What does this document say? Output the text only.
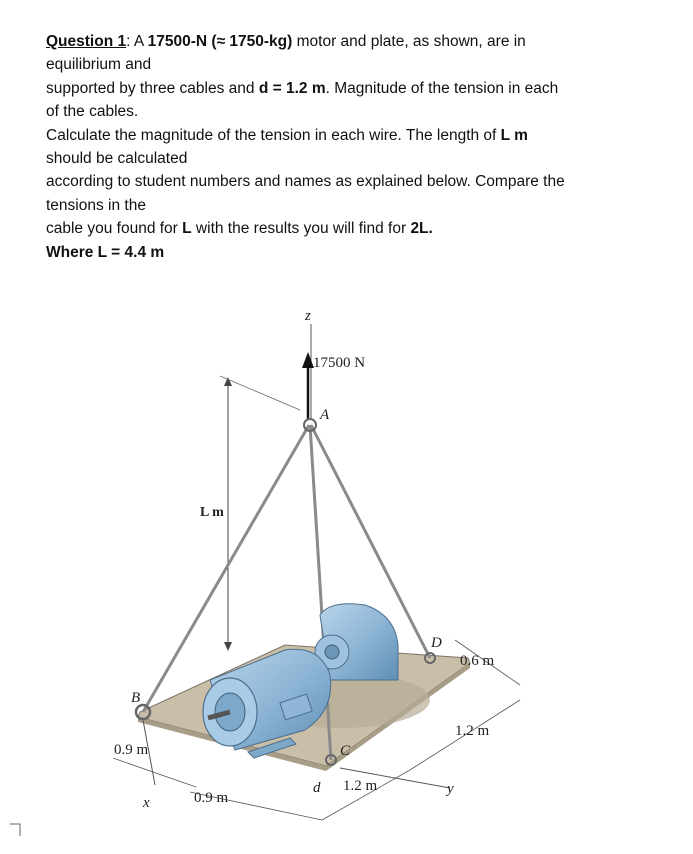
Question 1: A 17500-N (≈ 1750-kg) motor and plate, as shown, are in

equilibrium and

supported by three cables and d = 1.2 m. Magnitude of the tension in each

of the cables.

Calculate the magnitude of the tension in each wire. The length of L m

should be calculated

according to student numbers and names as explained below. Compare the

tensions in the

cable you found for L with the results you will find for 2L.

Where L = 4.4 m

z
17500 N
A
L m
D
0.6 m
B
1.2 m
0.9 m	C
1.2 m
d	y
0.9 m
x
